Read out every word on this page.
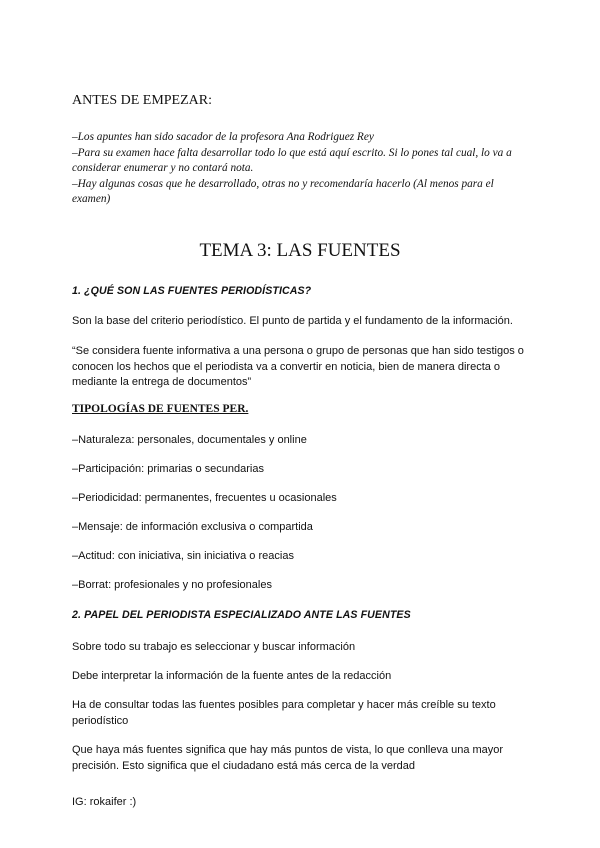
ANTES DE EMPEZAR:

–Los apuntes han sido sacador de la profesora Ana Rodriguez Rey

–Para su examen hace falta desarrollar todo lo que está aquí escrito. Si lo pones tal cual, lo va a considerar enumerar y no contará nota.

–Hay algunas cosas que he desarrollado, otras no y recomendaría hacerlo (Al menos para el examen)

TEMA 3: LAS FUENTES
1. ¿QUÉ SON LAS FUENTES PERIODÍSTICAS?

Son la base del criterio periodístico. El punto de partida y el fundamento de la información.

“Se considera fuente informativa a una persona o grupo de personas que han sido testigos o conocen los hechos que el periodista va a convertir en noticia, bien de manera directa o mediante la entrega de documentos”

TIPOLOGÍAS DE FUENTES PER.
–Naturaleza: personales, documentales y online
–Participación: primarias o secundarias
–Periodicidad: permanentes, frecuentes u ocasionales
–Mensaje: de información exclusiva o compartida
–Actitud: con iniciativa, sin iniciativa o reacias
–Borrat: profesionales y no profesionales
2. PAPEL DEL PERIODISTA ESPECIALIZADO ANTE LAS FUENTES

Sobre todo su trabajo es seleccionar y buscar información

Debe interpretar la información de la fuente antes de la redacción

Ha de consultar todas las fuentes posibles para completar y hacer más creíble su texto periodístico

Que haya más fuentes significa que hay más puntos de vista, lo que conlleva una mayor precisión. Esto significa que el ciudadano está más cerca de la verdad

IG: rokaifer :)
